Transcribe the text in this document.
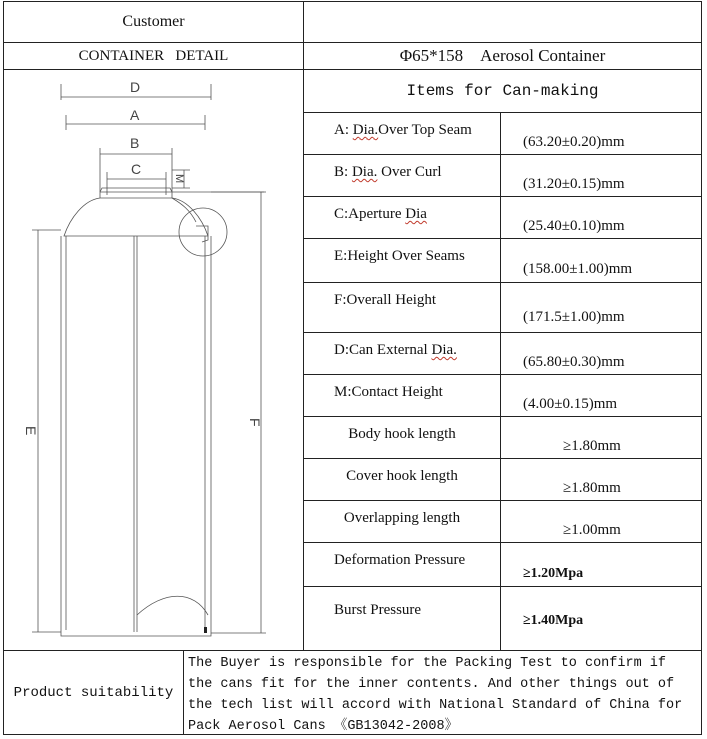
Customer
CONTAINER   DETAIL	Φ65*158    Aerosol Container
D
A
B
C
M
E
F
Items for Can-making
A: Dia.Over Top Seam
(63.20±0.20)mm
B: Dia. Over Curl
(31.20±0.15)mm
C:Aperture Dia
(25.40±0.10)mm
E:Height Over Seams
(158.00±1.00)mm
F:Overall Height
(171.5±1.00)mm
D:Can External Dia.
(65.80±0.30)mm
M:Contact Height
(4.00±0.15)mm
Body hook length
≥1.80mm
Cover hook length
≥1.80mm
Overlapping length
≥1.00mm
Deformation Pressure
≥1.20Mpa
Burst Pressure
≥1.40Mpa
Product suitability
The Buyer is responsible for the Packing Test to confirm if the cans fit for the inner contents. And other things out of the tech list will accord with National Standard of China for Pack Aerosol Cans 《GB13042-2008》
